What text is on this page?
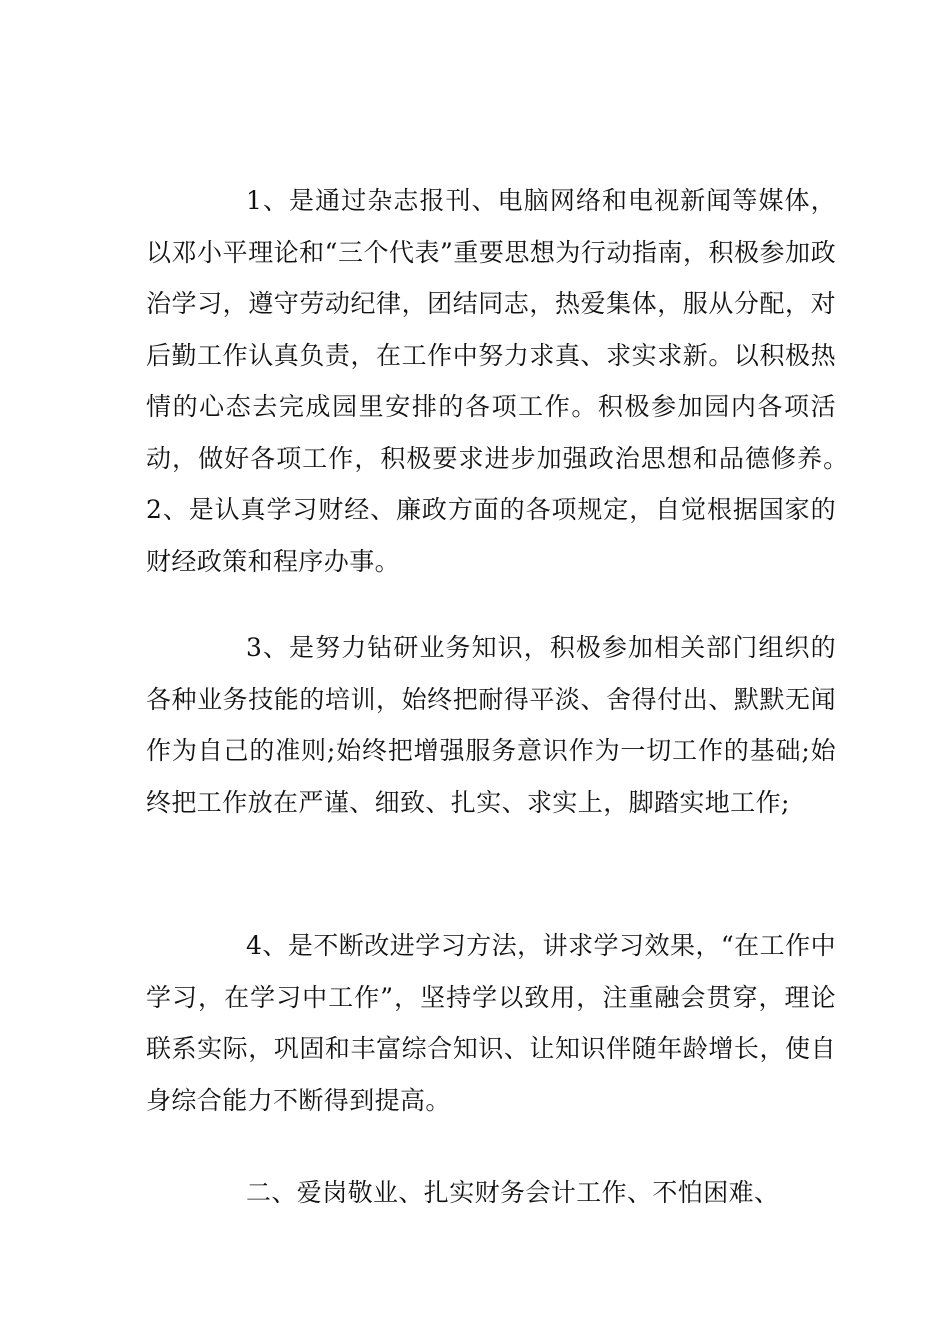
1、是通过杂志报刊、电脑网络和电视新闻等媒体，以邓小平理论和“三个代表”重要思想为行动指南，积极参加政治学习，遵守劳动纪律，团结同志，热爱集体，服从分配，对后勤工作认真负责，在工作中努力求真、求实求新。以积极热情的心态去完成园里安排的各项工作。积极参加园内各项活动，做好各项工作，积极要求进步加强政治思想和品德修养。　　　2、是认真学习财经、廉政方面的各项规定，自觉根据国家的财经政策和程序办事。

3、是努力钻研业务知识，积极参加相关部门组织的各种业务技能的培训，始终把耐得平淡、舍得付出、默默无闻作为自己的准则;始终把增强服务意识作为一切工作的基础;始终把工作放在严谨、细致、扎实、求实上，脚踏实地工作;

4、是不断改进学习方法，讲求学习效果，“在工作中学习，在学习中工作”，坚持学以致用，注重融会贯穿，理论联系实际，巩固和丰富综合知识、让知识伴随年龄增长，使自身综合能力不断得到提高。

二、爱岗敬业、扎实财务会计工作、不怕困难、
